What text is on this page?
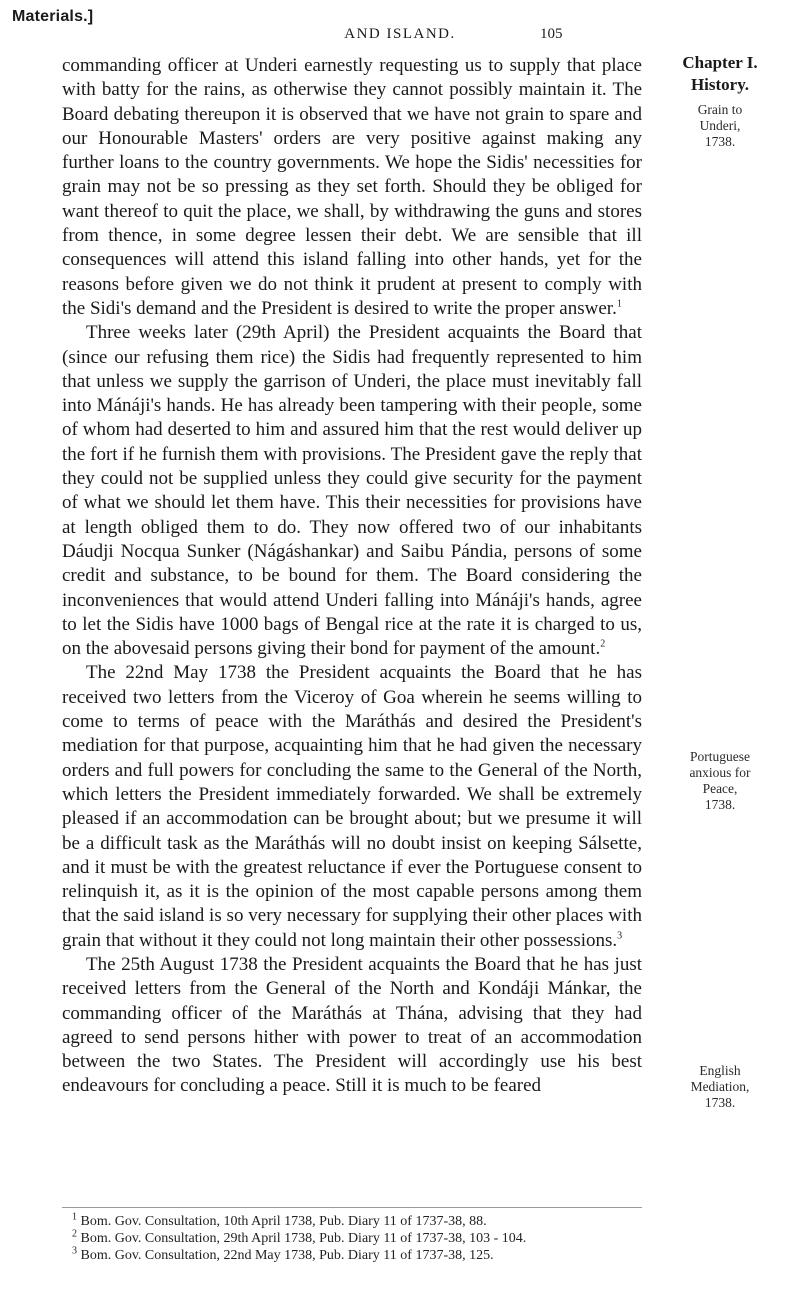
Materials.]
AND ISLAND.	105

commanding officer at Underi earnestly requesting us to supply that place with batty for the rains, as otherwise they cannot possibly maintain it. The Board debating thereupon it is observed that we have not grain to spare and our Honourable Masters' orders are very positive against making any further loans to the country governments. We hope the Sidis' necessities for grain may not be so pressing as they set forth. Should they be obliged for want thereof to quit the place, we shall, by withdrawing the guns and stores from thence, in some degree lessen their debt. We are sensible that ill consequences will attend this island falling into other hands, yet for the reasons before given we do not think it prudent at present to comply with the Sidi's demand and the President is desired to write the proper answer.$^1$

Three weeks later (29th April) the President acquaints the Board that (since our refusing them rice) the Sidis had frequently represented to him that unless we supply the garrison of Underi, the place must inevitably fall into Mánáji's hands. He has already been tampering with their people, some of whom had deserted to him and assured him that the rest would deliver up the fort if he furnish them with provisions. The President gave the reply that they could not be supplied unless they could give security for the payment of what we should let them have. This their necessities for provisions have at length obliged them to do. They now offered two of our inhabitants Dáudji Nocqua Sunker (Nágáshankar) and Saibu Pándia, persons of some credit and substance, to be bound for them. The Board considering the inconveniences that would attend Underi falling into Mánáji's hands, agree to let the Sidis have 1000 bags of Bengal rice at the rate it is charged to us, on the abovesaid persons giving their bond for payment of the amount.$^2$

The 22nd May 1738 the President acquaints the Board that he has received two letters from the Viceroy of Goa wherein he seems willing to come to terms of peace with the Maráthás and desired the President's mediation for that purpose, acquainting him that he had given the necessary orders and full powers for concluding the same to the General of the North, which letters the President immediately forwarded. We shall be extremely pleased if an accommodation can be brought about; but we presume it will be a difficult task as the Maráthás will no doubt insist on keeping Sálsette, and it must be with the greatest reluctance if ever the Portuguese consent to relinquish it, as it is the opinion of the most capable persons among them that the said island is so very necessary for supplying their other places with grain that without it they could not long maintain their other possessions.$^3$

The 25th August 1738 the President acquaints the Board that he has just received letters from the General of the North and Kondáji Mánkar, the commanding officer of the Maráthás at Thána, advising that they had agreed to send persons hither with power to treat of an accommodation between the two States. The President will accordingly use his best endeavours for concluding a peace. Still it is much to be feared

Chapter I.
History.
Grain to
Underi,
1738.
Portuguese
anxious for
Peace,
1738.
English
Mediation,
1738.
$^1$ Bom. Gov. Consultation, 10th April 1738, Pub. Diary 11 of 1737-38, 88.
$^2$ Bom. Gov. Consultation, 29th April 1738, Pub. Diary 11 of 1737-38, 103 - 104.
$^3$ Bom. Gov. Consultation, 22nd May 1738, Pub. Diary 11 of 1737-38, 125.
